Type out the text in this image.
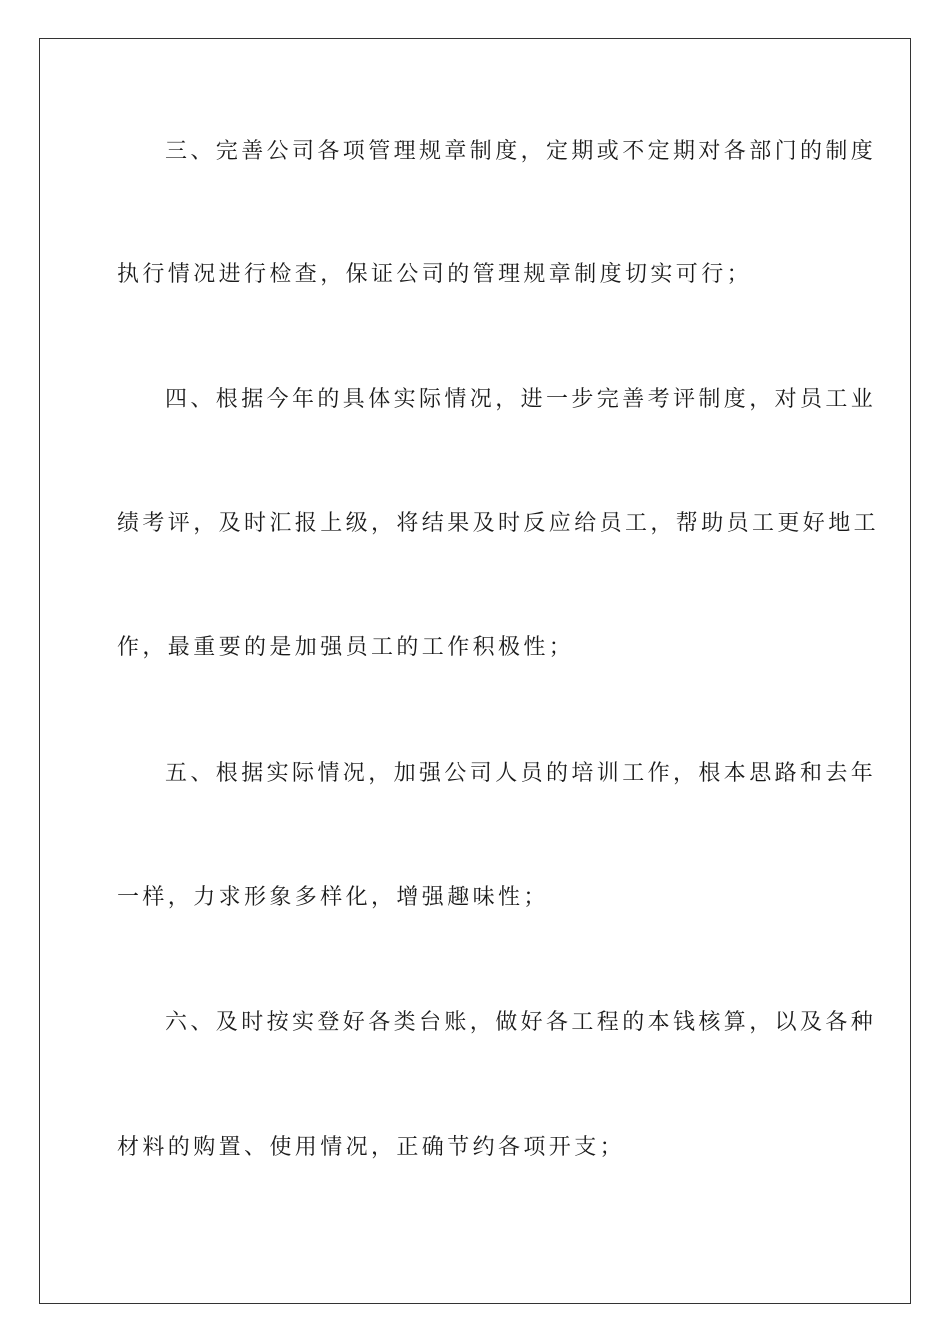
三、完善公司各项管理规章制度，定期或不定期对各部门的制度
执行情况进行检查，保证公司的管理规章制度切实可行；
四、根据今年的具体实际情况，进一步完善考评制度，对员工业
绩考评，及时汇报上级，将结果及时反应给员工，帮助员工更好地工
作，最重要的是加强员工的工作积极性；
五、根据实际情况，加强公司人员的培训工作，根本思路和去年
一样，力求形象多样化，增强趣味性；
六、及时按实登好各类台账，做好各工程的本钱核算，以及各种
材料的购置、使用情况，正确节约各项开支；
